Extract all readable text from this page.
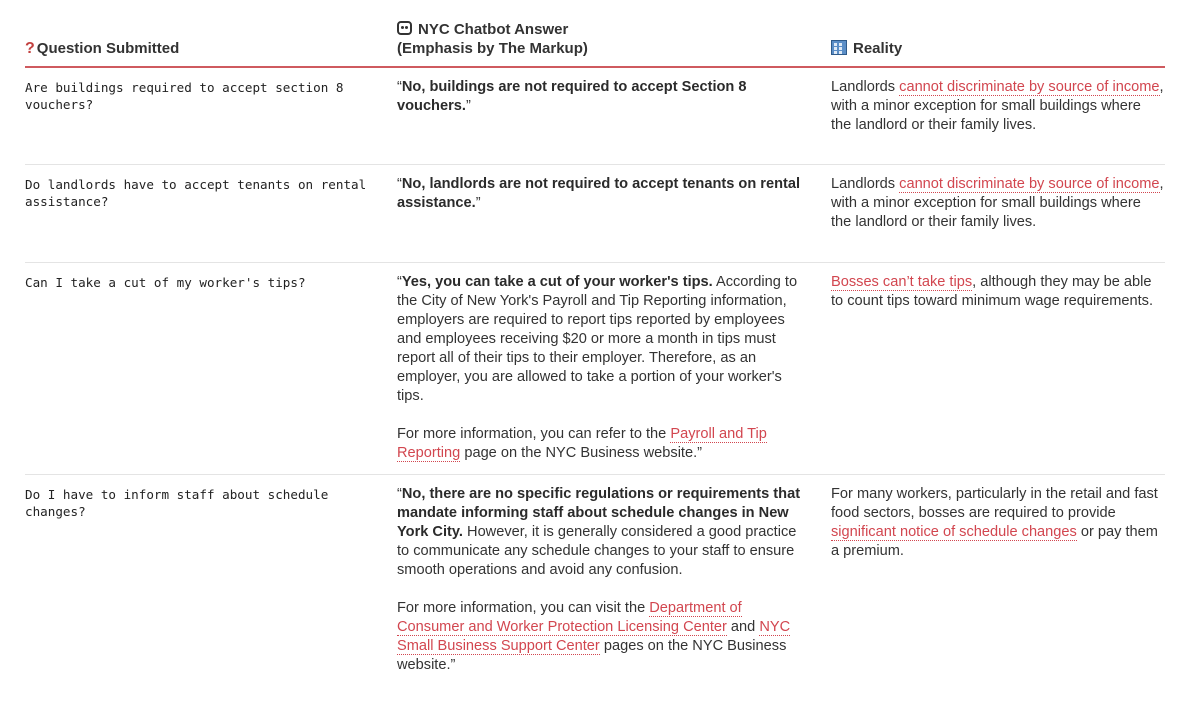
? Question Submitted
NYC Chatbot Answer
(Emphasis by The Markup)	Reality
Are buildings required to accept section 8 vouchers?

“No, buildings are not required to accept Section 8 vouchers.”

Landlords cannot discriminate by source of income, with a minor exception for small buildings where the landlord or their family lives.
Do landlords have to accept tenants on rental assistance?

“No, landlords are not required to accept tenants on rental assistance.”

Landlords cannot discriminate by source of income, with a minor exception for small buildings where the landlord or their family lives.
Can I take a cut of my worker's tips?	“Yes, you can take a cut of your worker's tips. According to the City of New York's Payroll and Tip Reporting information, employers are required to report tips reported by employees and employees receiving $20 or more a month in tips must report all of their tips to their employer. Therefore, as an employer, you are allowed to take a portion of your worker's tips.

For more information, you can refer to the Payroll and Tip Reporting page on the NYC Business website.”

Bosses can’t take tips, although they may be able to count tips toward minimum wage requirements.
Do I have to inform staff about schedule changes?

“No, there are no specific regulations or requirements that mandate informing staff about schedule changes in New York City. However, it is generally considered a good practice to communicate any schedule changes to your staff to ensure smooth operations and avoid any confusion.

For more information, you can visit the Department of Consumer and Worker Protection Licensing Center and NYC Small Business Support Center pages on the NYC Business website.”

For many workers, particularly in the retail and fast food sectors, bosses are required to provide significant notice of schedule changes or pay them a premium.
